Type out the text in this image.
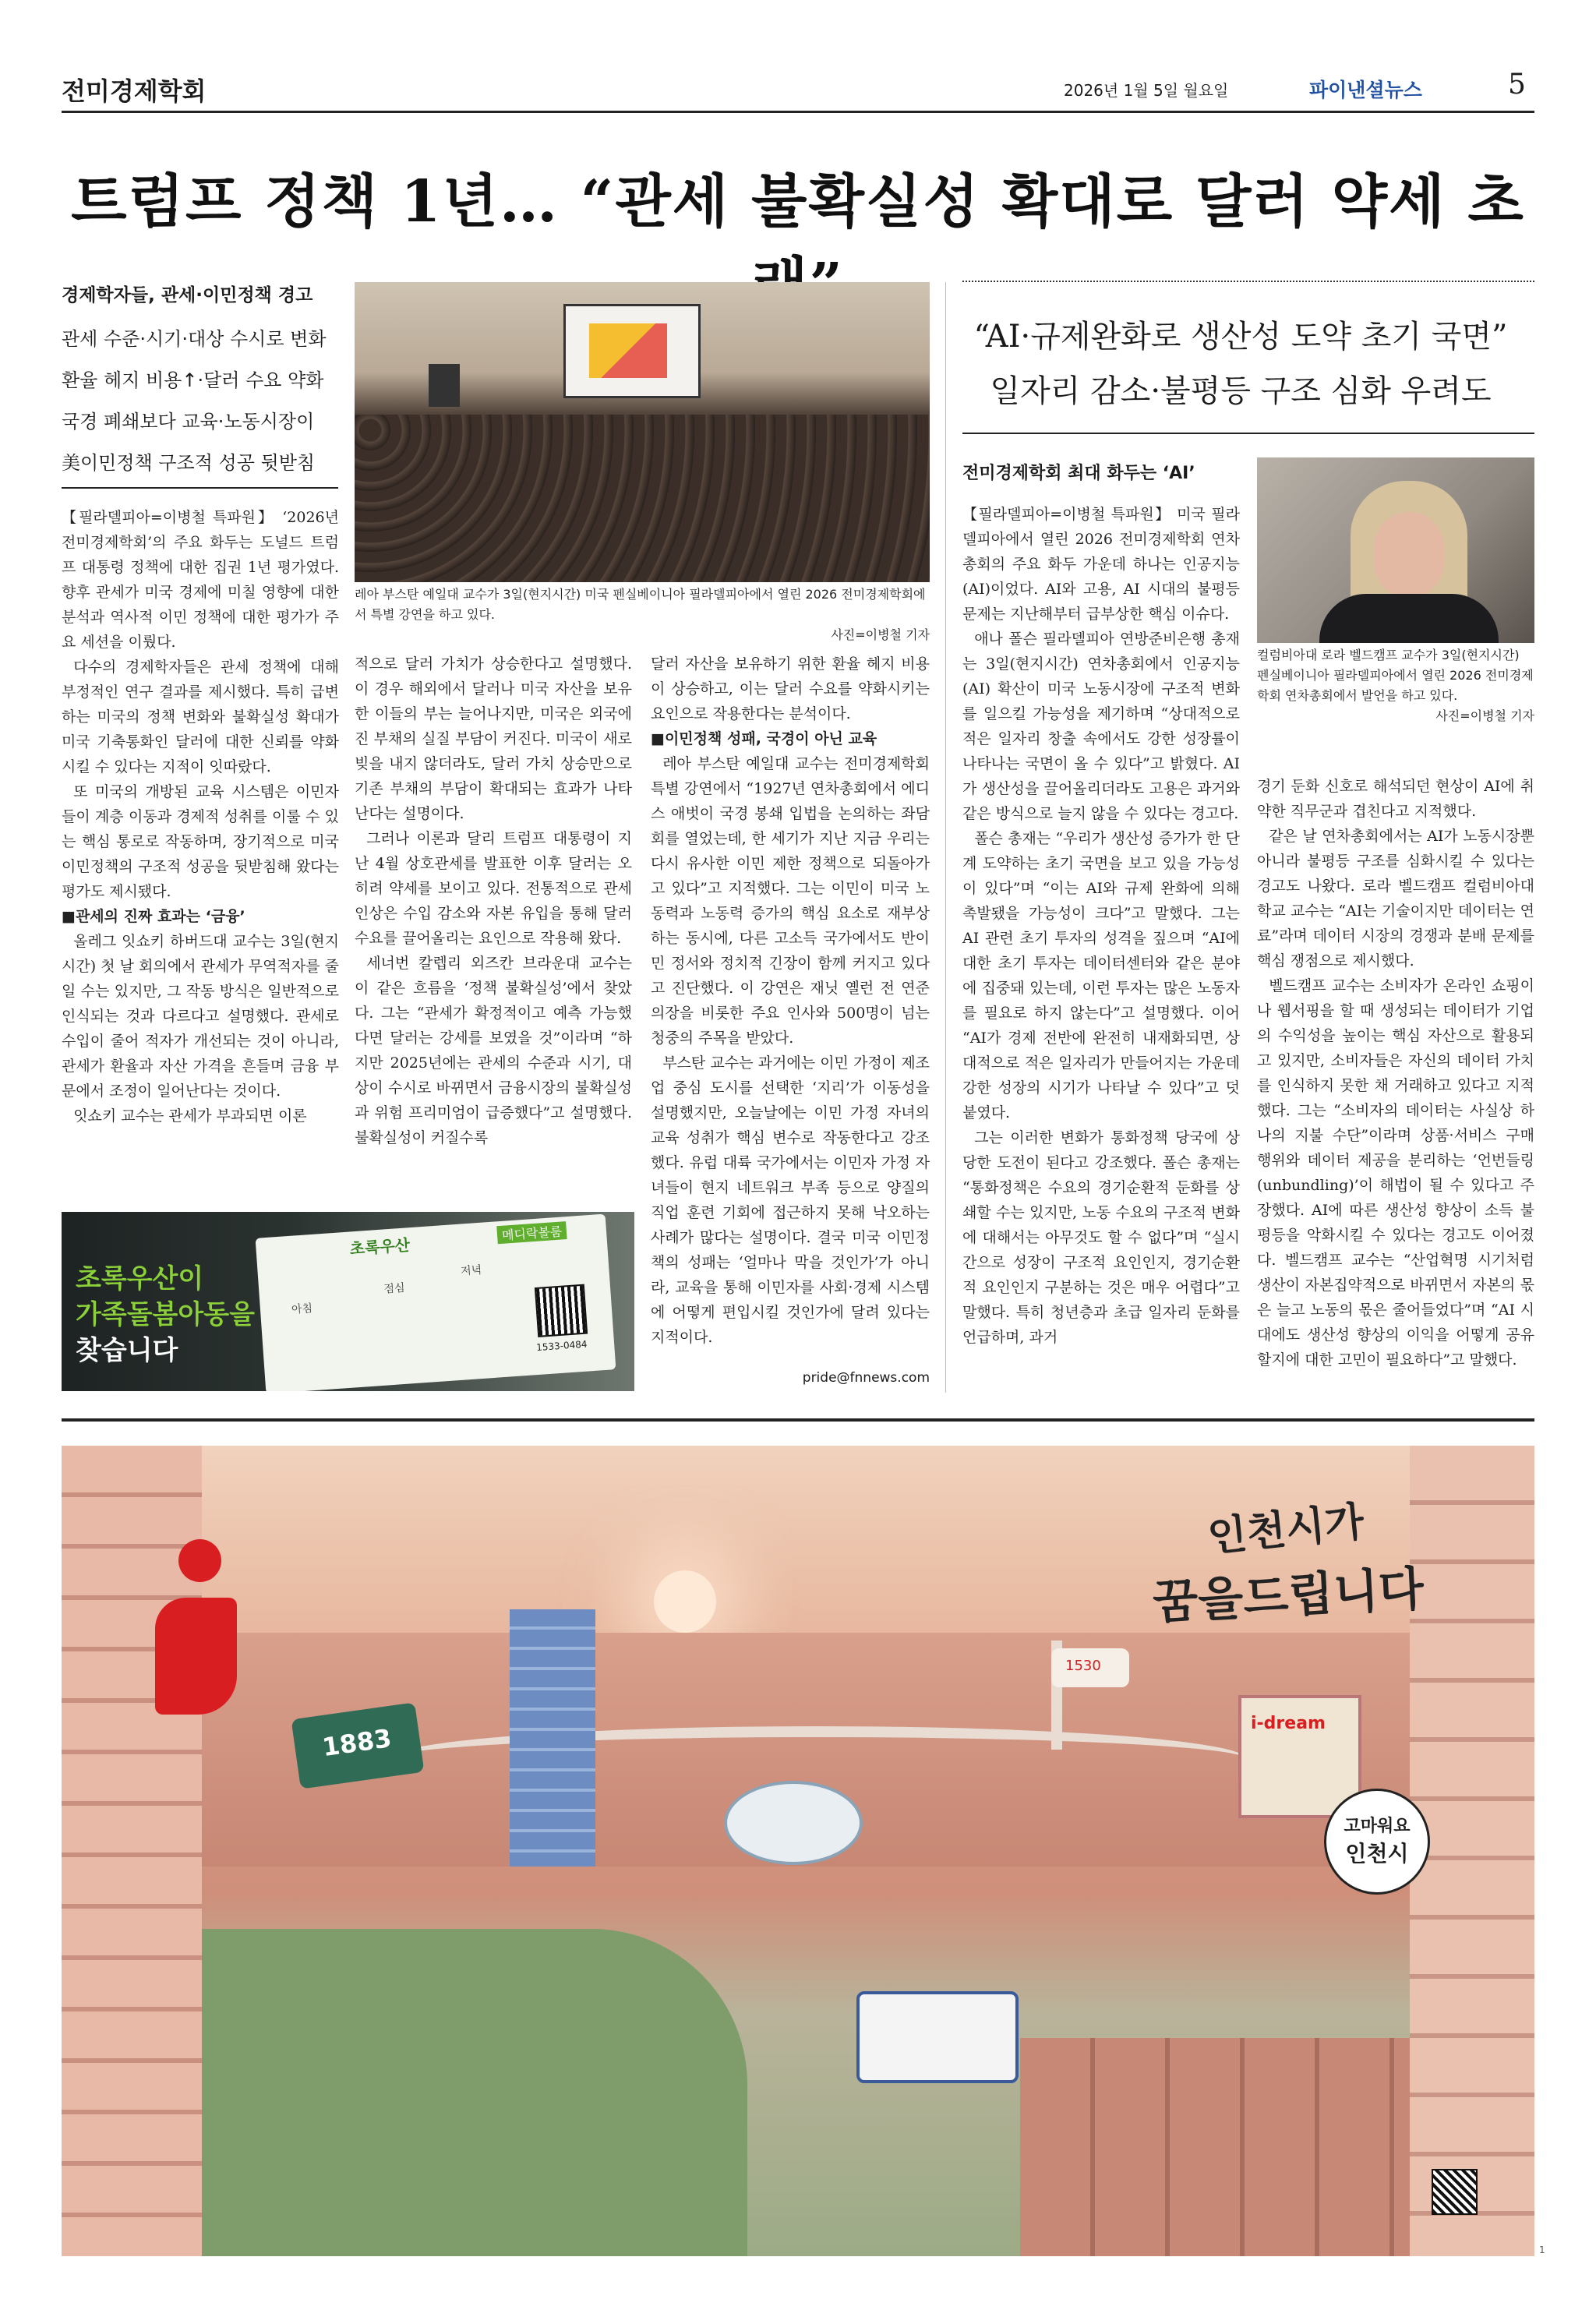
전미경제학회	2026년 1월 5일 월요일	파이낸셜뉴스	5
트럼프 정책 1년… “관세 불확실성 확대로 달러 약세 초
경제학자들, 관세·이민정책 경고
관세 수준·시기·대상 수시로 변화
환율 헤지 비용↑·달러 수요 약화
국경 폐쇄보다 교육·노동시장이
美이민정책 구조적 성공 뒷받침
레아 부스탄 예일대 교수가 3일(현지시간) 미국 펜실베이니아 필라델피아에서 열린 2026 전미경제학회에서 특별 강연을 하고 있다.
사진=이병철 기자

【필라델피아=이병철 특파원】 ‘2026년 전미경제학회’의 주요 화두는 도널드 트럼프 대통령 정책에 대한 집권 1년 평가였다. 향후 관세가 미국 경제에 미칠 영향에 대한 분석과 역사적 이민 정책에 대한 평가가 주요 세션을 이뤘다.

다수의 경제학자들은 관세 정책에 대해 부정적인 연구 결과를 제시했다. 특히 급변하는 미국의 정책 변화와 불확실성 확대가 미국 기축통화인 달러에 대한 신뢰를 약화시킬 수 있다는 지적이 잇따랐다.

또 미국의 개방된 교육 시스템은 이민자들이 계층 이동과 경제적 성취를 이룰 수 있는 핵심 통로로 작동하며, 장기적으로 미국 이민정책의 구조적 성공을 뒷받침해 왔다는 평가도 제시됐다.

■관세의 진짜 효과는 ‘금융’

올레그 잇쇼키 하버드대 교수는 3일(현지시간) 첫 날 회의에서 관세가 무역적자를 줄일 수는 있지만, 그 작동 방식은 일반적으로 인식되는 것과 다르다고 설명했다. 관세로 수입이 줄어 적자가 개선되는 것이 아니라, 관세가 환율과 자산 가격을 흔들며 금융 부문에서 조정이 일어난다는 것이다.

잇쇼키 교수는 관세가 부과되면 이론

적으로 달러 가치가 상승한다고 설명했다. 이 경우 해외에서 달러나 미국 자산을 보유한 이들의 부는 늘어나지만, 미국은 외국에 진 부채의 실질 부담이 커진다. 미국이 새로 빚을 내지 않더라도, 달러 가치 상승만으로 기존 부채의 부담이 확대되는 효과가 나타난다는 설명이다.

그러나 이론과 달리 트럼프 대통령이 지난 4월 상호관세를 발표한 이후 달러는 오히려 약세를 보이고 있다. 전통적으로 관세 인상은 수입 감소와 자본 유입을 통해 달러 수요를 끌어올리는 요인으로 작용해 왔다.

세너번 칼렙리 외즈칸 브라운대 교수는 이 같은 흐름을 ‘정책 불확실성’에서 찾았다. 그는 “관세가 확정적이고 예측 가능했다면 달러는 강세를 보였을 것”이라며 “하지만 2025년에는 관세의 수준과 시기, 대상이 수시로 바뀌면서 금융시장의 불확실성과 위험 프리미엄이 급증했다”고 설명했다. 불확실성이 커질수록

달러 자산을 보유하기 위한 환율 헤지 비용이 상승하고, 이는 달러 수요를 약화시키는 요인으로 작용한다는 분석이다.

■이민정책 성패, 국경이 아닌 교육

레아 부스탄 예일대 교수는 전미경제학회 특별 강연에서 “1927년 연차총회에서 에디스 애벗이 국경 봉쇄 입법을 논의하는 좌담회를 열었는데, 한 세기가 지난 지금 우리는 다시 유사한 이민 제한 정책으로 되돌아가고 있다”고 지적했다. 그는 이민이 미국 노동력과 노동력 증가의 핵심 요소로 재부상하는 동시에, 다른 고소득 국가에서도 반이민 정서와 정치적 긴장이 함께 커지고 있다고 진단했다. 이 강연은 재닛 옐런 전 연준 의장을 비롯한 주요 인사와 500명이 넘는 청중의 주목을 받았다.

부스탄 교수는 과거에는 이민 가정이 제조업 중심 도시를 선택한 ‘지리’가 이동성을 설명했지만, 오늘날에는 이민 가정 자녀의 교육 성취가 핵심 변수로 작동한다고 강조했다. 유럽 대륙 국가에서는 이민자 가정 자녀들이 현지 네트워크 부족 등으로 양질의 직업 훈련 기회에 접근하지 못해 낙오하는 사례가 많다는 설명이다. 결국 미국 이민정책의 성패는 ‘얼마나 막을 것인가’가 아니라, 교육을 통해 이민자를 사회·경제 시스템에 어떻게 편입시킬 것인가에 달려 있다는 지적이다.

pride@fnnews.com
초록우산이
가족돌봄아동을
찾습니다
초록우산
메디락볼룸
아침
점심
저녁
1533-0484
“AI·규제완화로 생산성 도약 초기 국면”
일자리 감소·불평등 구조 심화 우려도
전미경제학회 최대 화두는 ‘AI’
컬럼비아대 로라 벨드캠프 교수가 3일(현지시간) 펜실베이니아 필라델피아에서 열린 2026 전미경제학회 연차총회에서 발언을 하고 있다.
사진=이병철 기자

【필라델피아=이병철 특파원】 미국 필라델피아에서 열린 2026 전미경제학회 연차총회의 주요 화두 가운데 하나는 인공지능(AI)이었다. AI와 고용, AI 시대의 불평등 문제는 지난해부터 급부상한 핵심 이슈다.

애나 폴슨 필라델피아 연방준비은행 총재는 3일(현지시간) 연차총회에서 인공지능(AI) 확산이 미국 노동시장에 구조적 변화를 일으킬 가능성을 제기하며 “상대적으로 적은 일자리 창출 속에서도 강한 성장률이 나타나는 국면이 올 수 있다”고 밝혔다. AI가 생산성을 끌어올리더라도 고용은 과거와 같은 방식으로 늘지 않을 수 있다는 경고다.

폴슨 총재는 “우리가 생산성 증가가 한 단계 도약하는 초기 국면을 보고 있을 가능성이 있다”며 “이는 AI와 규제 완화에 의해 촉발됐을 가능성이 크다”고 말했다. 그는 AI 관련 초기 투자의 성격을 짚으며 “AI에 대한 초기 투자는 데이터센터와 같은 분야에 집중돼 있는데, 이런 투자는 많은 노동자를 필요로 하지 않는다”고 설명했다. 이어 “AI가 경제 전반에 완전히 내재화되면, 상대적으로 적은 일자리가 만들어지는 가운데 강한 성장의 시기가 나타날 수 있다”고 덧붙였다.

그는 이러한 변화가 통화정책 당국에 상당한 도전이 된다고 강조했다. 폴슨 총재는 “통화정책은 수요의 경기순환적 둔화를 상쇄할 수는 있지만, 노동 수요의 구조적 변화에 대해서는 아무것도 할 수 없다”며 “실시간으로 성장이 구조적 요인인지, 경기순환적 요인인지 구분하는 것은 매우 어렵다”고 말했다. 특히 청년층과 초급 일자리 둔화를 언급하며, 과거

경기 둔화 신호로 해석되던 현상이 AI에 취약한 직무군과 겹친다고 지적했다.

같은 날 연차총회에서는 AI가 노동시장뿐 아니라 불평등 구조를 심화시킬 수 있다는 경고도 나왔다. 로라 벨드캠프 컬럼비아대학교 교수는 “AI는 기술이지만 데이터는 연료”라며 데이터 시장의 경쟁과 분배 문제를 핵심 쟁점으로 제시했다.

벨드캠프 교수는 소비자가 온라인 쇼핑이나 웹서핑을 할 때 생성되는 데이터가 기업의 수익성을 높이는 핵심 자산으로 활용되고 있지만, 소비자들은 자신의 데이터 가치를 인식하지 못한 채 거래하고 있다고 지적했다. 그는 “소비자의 데이터는 사실상 하나의 지불 수단”이라며 상품·서비스 구매 행위와 데이터 제공을 분리하는 ‘언번들링(unbundling)’이 해법이 될 수 있다고 주장했다. AI에 따른 생산성 향상이 소득 불평등을 악화시킬 수 있다는 경고도 이어졌다. 벨드캠프 교수는 “산업혁명 시기처럼 생산이 자본집약적으로 바뀌면서 자본의 몫은 늘고 노동의 몫은 줄어들었다”며 “AI 시대에도 생산성 향상의 이익을 어떻게 공유할지에 대한 고민이 필요하다”고 말했다.

1883
1530
i-dream
인천시가
꿈을드립니다
고마워요
인천시
1
